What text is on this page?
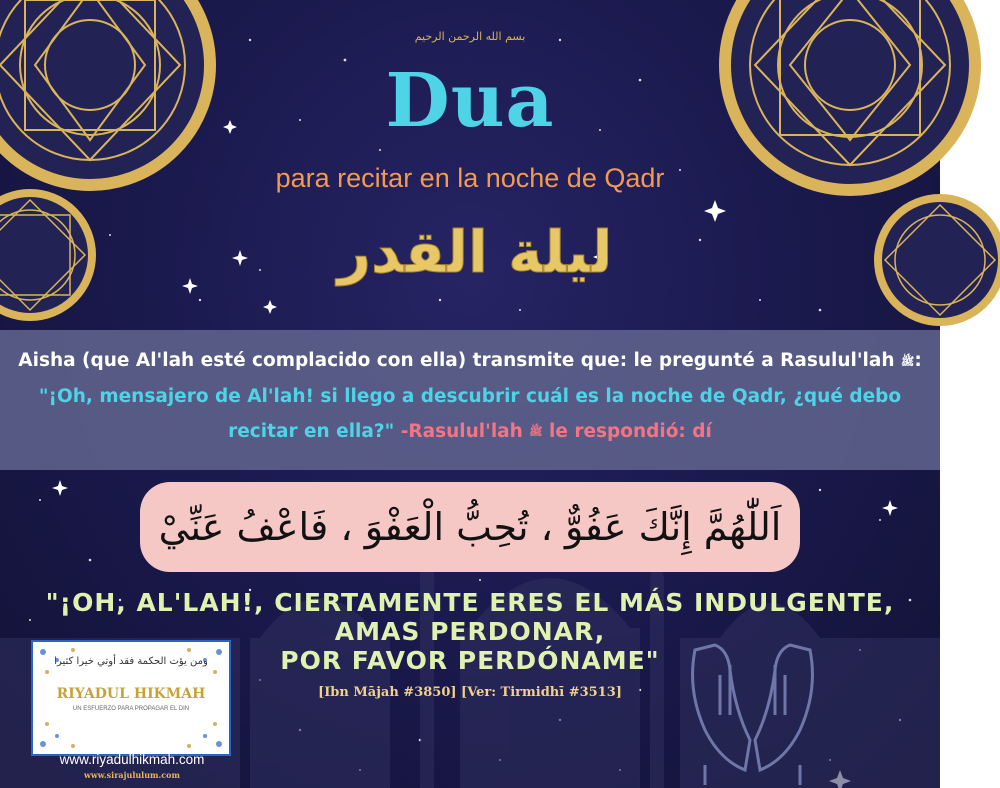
بسم الله الرحمن الرحيم
Dua
para recitar en la noche de Qadr
ليلة القدر
Aisha (que Al'lah esté complacido con ella) transmite que: le pregunté a Rasulul'lah ﷺ: "¡Oh, mensajero de Al'lah! si llego a descubrir cuál es la noche de Qadr, ¿qué debo recitar en ella?" -Rasulul'lah ﷺ le respondió: dí
اَللّٰهُمَّ إِنَّكَ عَفُوٌّ ، تُحِبُّ الْعَفْوَ ، فَاعْفُ عَنِّيْ
"¡OH, AL'LAH!, CIERTAMENTE ERES EL MÁS INDULGENTE,
AMAS PERDONAR,
POR FAVOR PERDÓNAME"
[Ibn Mājah #3850] [Ver: Tirmidhī #3513]
ومن يؤت الحكمة فقد أوتي خيرا كثيرا
RIYADUL HIKMAH
UN ESFUERZO PARA PROPAGAR EL DIN
www.riyadulhikmah.com
www.sirajululum.com
